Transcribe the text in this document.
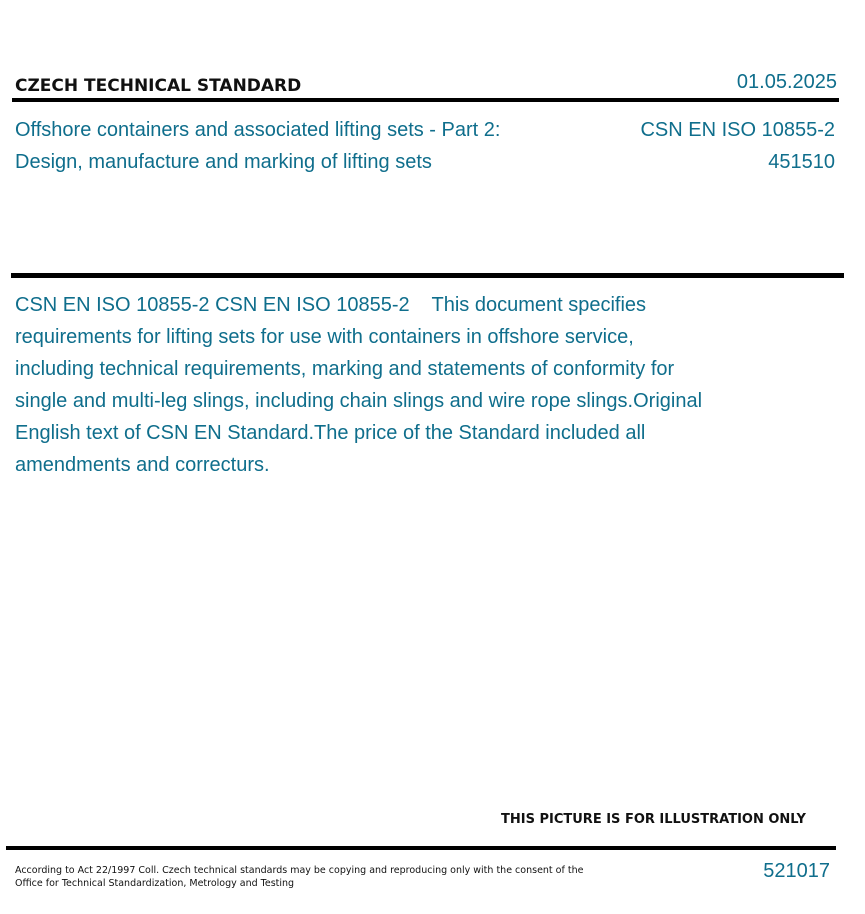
CZECH TECHNICAL STANDARD	01.05.2025
Offshore containers and associated lifting sets - Part 2: Design, manufacture and marking of lifting sets
CSN EN ISO 10855-2
451510
CSN EN ISO 10855-2 CSN EN ISO 10855-2    This document specifies requirements for lifting sets for use with containers in offshore service, including technical requirements, marking and statements of conformity for single and multi-leg slings, including chain slings and wire rope slings.Original English text of CSN EN Standard.The price of the Standard included all amendments and correcturs.
THIS PICTURE IS FOR ILLUSTRATION ONLY
According to Act 22/1997 Coll. Czech technical standards may be copying and reproducing only with the consent of the Office for Technical Standardization, Metrology and Testing
521017
